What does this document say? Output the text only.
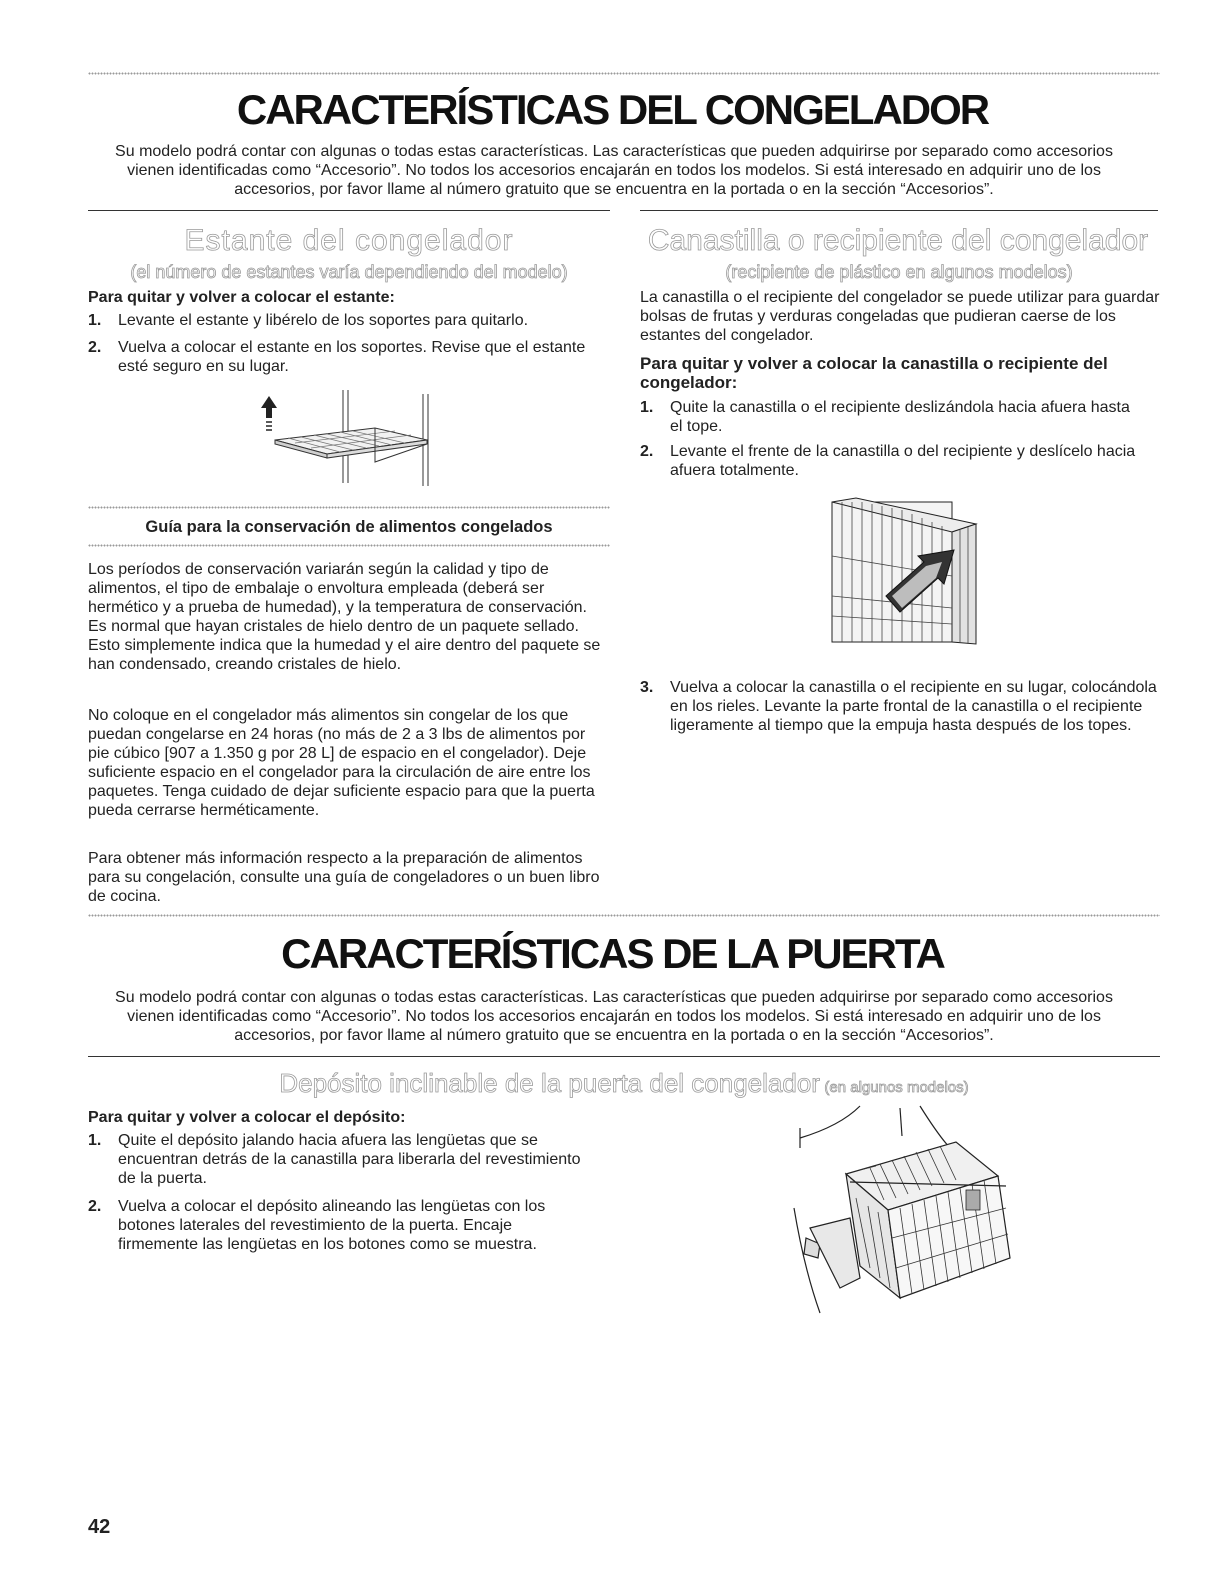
CARACTERÍSTICAS DEL CONGELADOR

Su modelo podrá contar con algunas o todas estas características. Las características que pueden adquirirse por separado como accesorios vienen identificadas como “Accesorio”. No todos los accesorios encajarán en todos los modelos. Si está interesado en adquirir uno de los accesorios, por favor llame al número gratuito que se encuentra en la portada o en la sección “Accesorios”.

Estante del congelador
(el número de estantes varía dependiendo del modelo)
Para quitar y volver a colocar el estante:
1. Levante el estante y libérelo de los soportes para quitarlo.
2. Vuelva a colocar el estante en los soportes. Revise que el estante esté seguro en su lugar.
Guía para la conservación de alimentos congelados

Los períodos de conservación variarán según la calidad y tipo de alimentos, el tipo de embalaje o envoltura empleada (deberá ser hermético y a prueba de humedad), y la temperatura de conservación. Es normal que hayan cristales de hielo dentro de un paquete sellado. Esto simplemente indica que la humedad y el aire dentro del paquete se han condensado, creando cristales de hielo.

No coloque en el congelador más alimentos sin congelar de los que puedan congelarse en 24 horas (no más de 2 a 3 lbs de alimentos por pie cúbico [907 a 1.350 g por 28 L] de espacio en el congelador). Deje suficiente espacio en el congelador para la circulación de aire entre los paquetes. Tenga cuidado de dejar suficiente espacio para que la puerta pueda cerrarse herméticamente.

Para obtener más información respecto a la preparación de alimentos para su congelación, consulte una guía de congeladores o un buen libro de cocina.

Canastilla o recipiente del congelador
(recipiente de plástico en algunos modelos)

La canastilla o el recipiente del congelador se puede utilizar para guardar bolsas de frutas y verduras congeladas que pudieran caerse de los estantes del congelador.

Para quitar y volver a colocar la canastilla o recipiente del congelador:
1. Quite la canastilla o el recipiente deslizándola hacia afuera hasta el tope.
2. Levante el frente de la canastilla o del recipiente y deslícelo hacia afuera totalmente.
3. Vuelva a colocar la canastilla o el recipiente en su lugar, colocándola en los rieles. Levante la parte frontal de la canastilla o el recipiente ligeramente al tiempo que la empuja hasta después de los topes.
CARACTERÍSTICAS DE LA PUERTA

Su modelo podrá contar con algunas o todas estas características. Las características que pueden adquirirse por separado como accesorios vienen identificadas como “Accesorio”. No todos los accesorios encajarán en todos los modelos. Si está interesado en adquirir uno de los accesorios, por favor llame al número gratuito que se encuentra en la portada o en la sección “Accesorios”.

Depósito inclinable de la puerta del congelador (en algunos modelos)
Para quitar y volver a colocar el depósito:
1. Quite el depósito jalando hacia afuera las lengüetas que se encuentran detrás de la canastilla para liberarla del revestimiento de la puerta.
2. Vuelva a colocar el depósito alineando las lengüetas con los botones laterales del revestimiento de la puerta. Encaje firmemente las lengüetas en los botones como se muestra.
42
